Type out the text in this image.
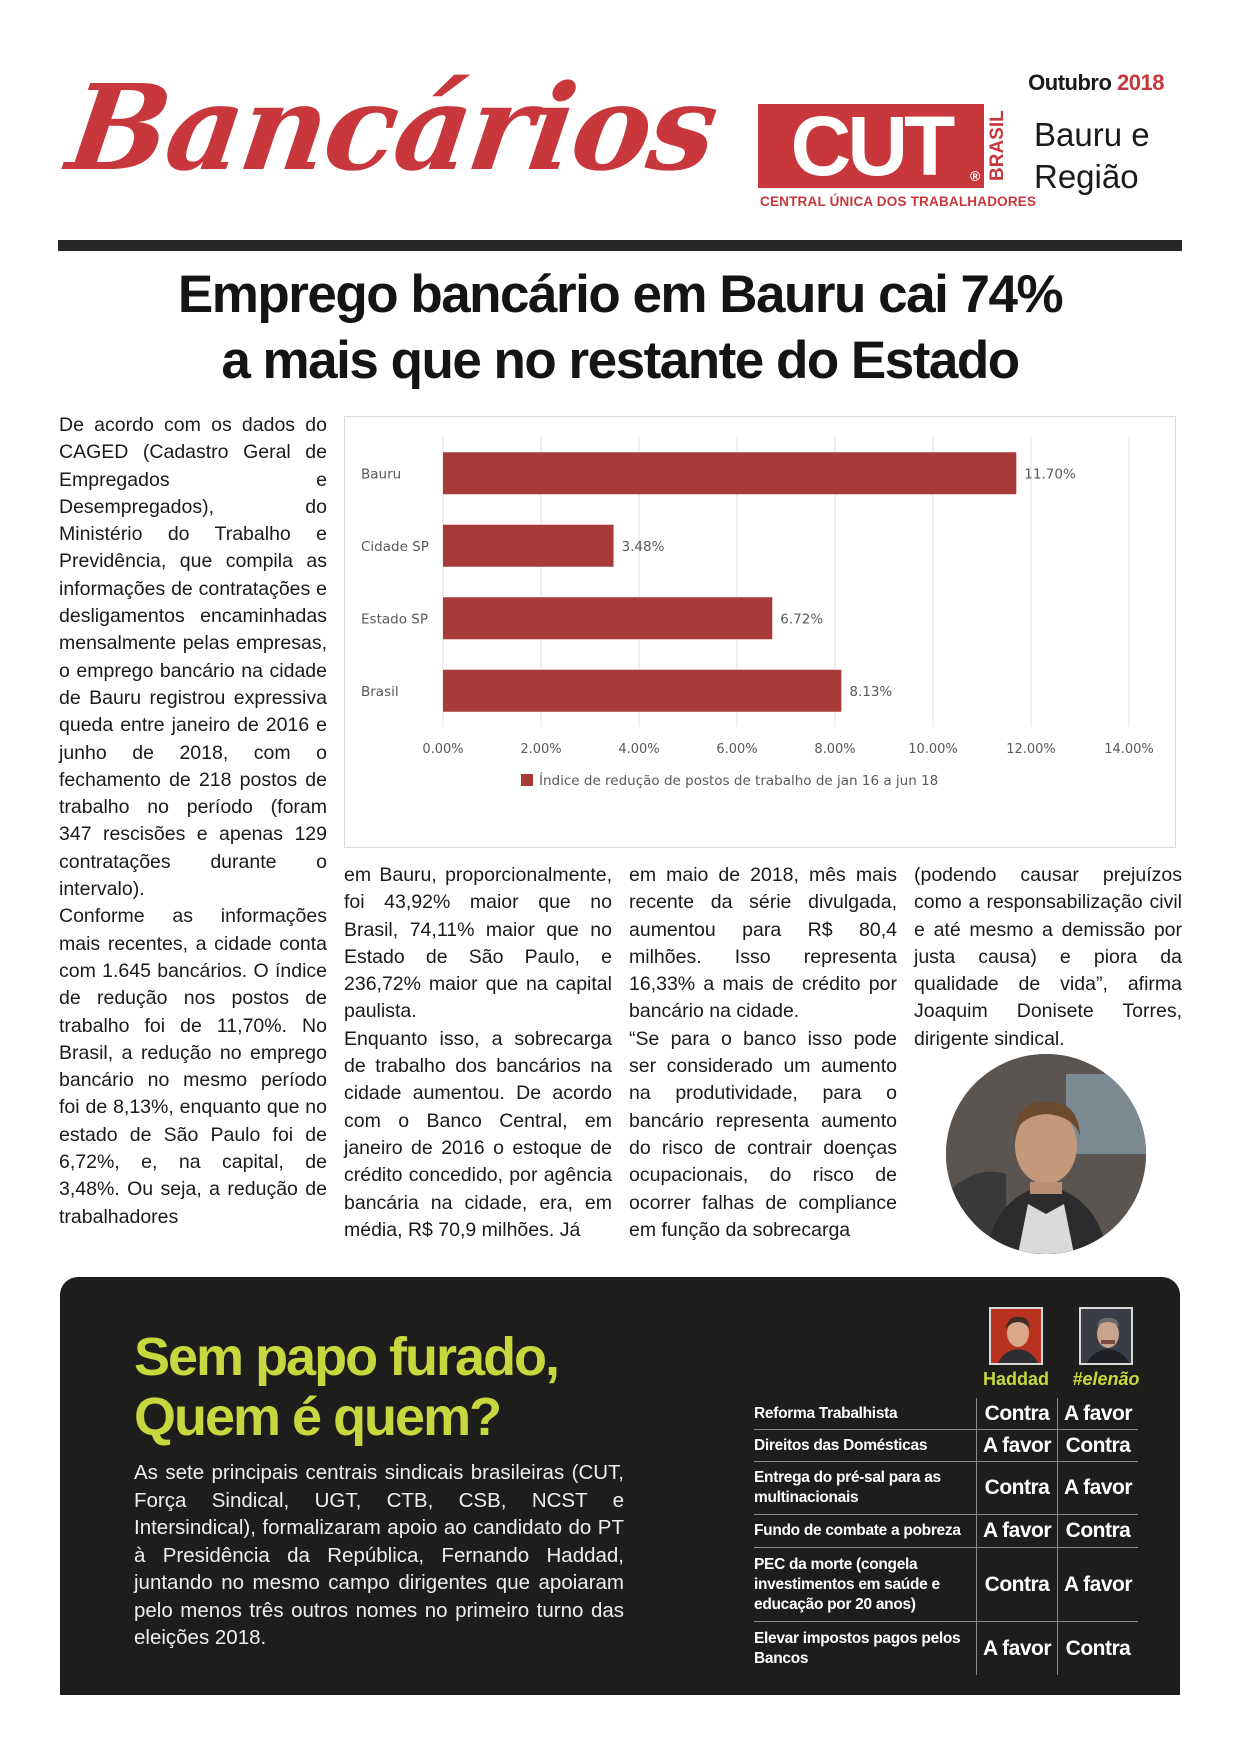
Bancários CUT	® BRASIL
CENTRAL ÚNICA DOS TRABALHADORES
Outubro 2018
Bauru e
Região
Emprego bancário em Bauru cai 74%
a mais que no restante do Estado

De acordo com os dados do CAGED (Cadastro Geral de Empregados e Desempregados), do Ministério do Trabalho e Previdência, que compila as informações de contratações e desligamentos encaminhadas mensalmente pelas empresas, o emprego bancário na cidade de Bauru registrou expressiva queda entre janeiro de 2016 e junho de 2018, com o fechamento de 218 postos de trabalho no período (foram 347 rescisões e apenas 129 contratações durante o intervalo).

Conforme as informações mais recentes, a cidade conta com 1.645 bancários. O índice de redução nos postos de trabalho foi de 11,70%. No Brasil, a redução no emprego bancário no mesmo período foi de 8,13%, enquanto que no estado de São Paulo foi de 6,72%, e, na capital, de 3,48%. Ou seja, a redução de trabalhadores

em Bauru, proporcionalmente, foi 43,92% maior que no Brasil, 74,11% maior que no Estado de São Paulo, e 236,72% maior que na capital paulista.

Enquanto isso, a sobrecarga de trabalho dos bancários na cidade aumentou. De acordo com o Banco Central, em janeiro de 2016 o estoque de crédito concedido, por agência bancária na cidade, era, em média, R$ 70,9 milhões. Já

em maio de 2018, mês mais recente da série divulgada, aumentou para R$ 80,4 milhões. Isso representa 16,33% a mais de crédito por bancário na cidade.

“Se para o banco isso pode ser considerado um aumento na produtividade, para o bancário representa aumento do risco de contrair doenças ocupacionais, do risco de ocorrer falhas de compliance em função da sobrecarga

(podendo causar prejuízos como a responsabilização civil e até mesmo a demissão por justa causa) e piora da qualidade de vida”, afirma Joaquim Donisete Torres, dirigente sindical.

0.00%	2.00%	4.00%	6.00%	8.00%	10.00%	12.00%	14.00%
Bauru	11.70%
Cidade SP	3.48%
Estado SP	6.72%
Brasil	8.13%
Índice de redução de postos de trabalho de jan 16 a jun 18
Sem papo furado,
Quem é quem?

As sete principais centrais sindicais brasileiras (CUT, Força Sindical, UGT, CTB, CSB, NCST e Intersindical), formalizaram apoio ao candidato do PT à Presidência da República, Fernando Haddad, juntando no mesmo campo dirigentes que apoiaram pelo menos três outros nomes no primeiro turno das eleições 2018.

Haddad	#elenão
Reforma Trabalhista	Contra A favor
Direitos das Domésticas	A favor Contra
Entrega do pré-sal para as multinacionais	Contra A favor
Fundo de combate a pobreza	A favor Contra
PEC da morte (congela investimentos em saúde e educação por 20 anos)
Contra A favor
Elevar impostos pagos pelos Bancos	A favor Contra
